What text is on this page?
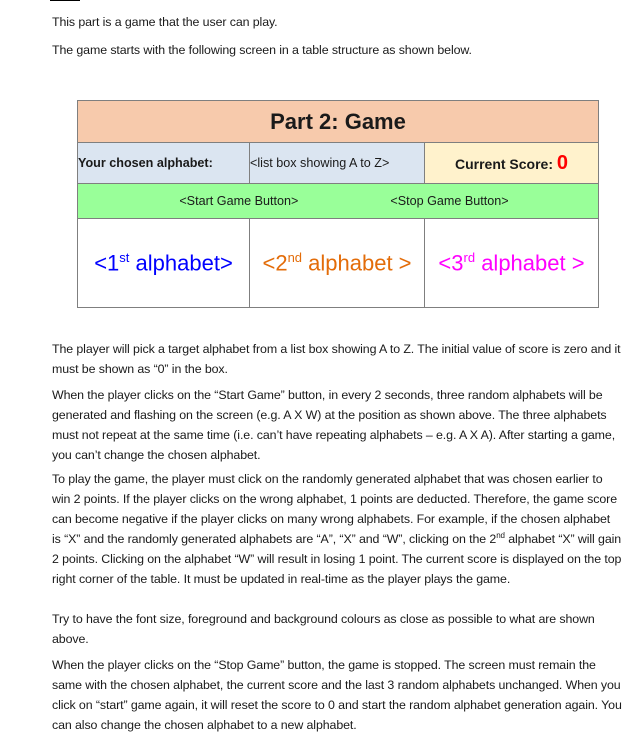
This part is a game that the user can play.

The game starts with the following screen in a table structure as shown below.

Part 2: Game		
Your chosen alphabet:	<list box showing A to Z>	Current Score: 0

<Start Game Button> <Stop Game Button>		

<1st alphabet>	<2nd alphabet >	<3rd alphabet >

The player will pick a target alphabet from a list box showing A to Z. The initial value of score is zero and it must be shown as “0” in the box.

When the player clicks on the “Start Game” button, in every 2 seconds, three random alphabets will be generated and flashing on the screen (e.g. A X W) at the position as shown above. The three alphabets must not repeat at the same time (i.e. can’t have repeating alphabets – e.g. A X A). After starting a game, you can’t change the chosen alphabet.

To play the game, the player must click on the randomly generated alphabet that was chosen earlier to win 2 points. If the player clicks on the wrong alphabet, 1 points are deducted. Therefore, the game score can become negative if the player clicks on many wrong alphabets. For example, if the chosen alphabet is “X” and the randomly generated alphabets are “A”, “X” and “W”, clicking on the 2nd alphabet “X” will gain 2 points. Clicking on the alphabet “W” will result in losing 1 point. The current score is displayed on the top right corner of the table. It must be updated in real-time as the player plays the game.

Try to have the font size, foreground and background colours as close as possible to what are shown above.

When the player clicks on the “Stop Game” button, the game is stopped. The screen must remain the same with the chosen alphabet, the current score and the last 3 random alphabets unchanged. When you click on “start” game again, it will reset the score to 0 and start the random alphabet generation again. You can also change the chosen alphabet to a new alphabet.
